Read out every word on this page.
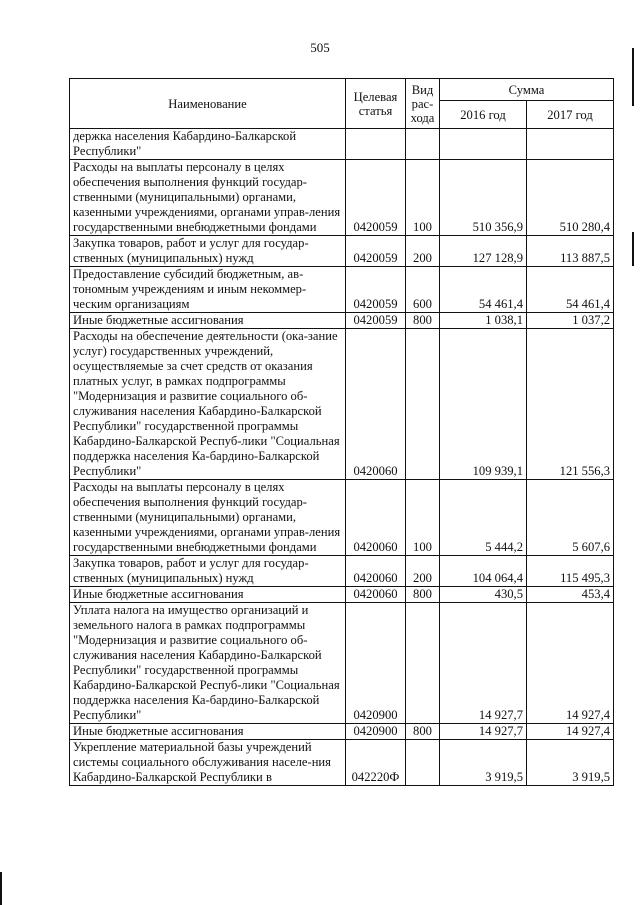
505
Наименование	Целевая статья	Вид рас-хода	Сумма	
			2016 год	2017 год
держка населения Кабардино-Балкарской Республики"				
Расходы на выплаты персоналу в целях обеспечения выполнения функций государ-ственными (муниципальными) органами, казенными учреждениями, органами управ-ления государственными внебюджетными фондами	0420059	100	510 356,9	510 280,4
Закупка товаров, работ и услуг для государ-ственных (муниципальных) нужд	0420059	200	127 128,9	113 887,5
Предоставление субсидий бюджетным, ав-тономным учреждениям и иным некоммер-ческим организациям	0420059	600	54 461,4	54 461,4
Иные бюджетные ассигнования	0420059	800	1 038,1	1 037,2
Расходы на обеспечение деятельности (ока-зание услуг) государственных учреждений, осуществляемые за счет средств от оказания платных услуг, в рамках подпрограммы "Модернизация и развитие социального об-служивания населения Кабардино-Балкарской Республики" государственной программы Кабардино-Балкарской Респуб-лики "Социальная поддержка населения Ка-бардино-Балкарской Республики"	0420060		109 939,1	121 556,3
Расходы на выплаты персоналу в целях обеспечения выполнения функций государ-ственными (муниципальными) органами, казенными учреждениями, органами управ-ления государственными внебюджетными фондами	0420060	100	5 444,2	5 607,6
Закупка товаров, работ и услуг для государ-ственных (муниципальных) нужд	0420060	200	104 064,4	115 495,3
Иные бюджетные ассигнования	0420060	800	430,5	453,4
Уплата налога на имущество организаций и земельного налога в рамках подпрограммы "Модернизация и развитие социального об-служивания населения Кабардино-Балкарской Республики" государственной программы Кабардино-Балкарской Респуб-лики "Социальная поддержка населения Ка-бардино-Балкарской Республики"	0420900		14 927,7	14 927,4
Иные бюджетные ассигнования	0420900	800	14 927,7	14 927,4
Укрепление материальной базы учреждений системы социального обслуживания населе-ния Кабардино-Балкарской Республики в	042220Ф		3 919,5	3 919,5
